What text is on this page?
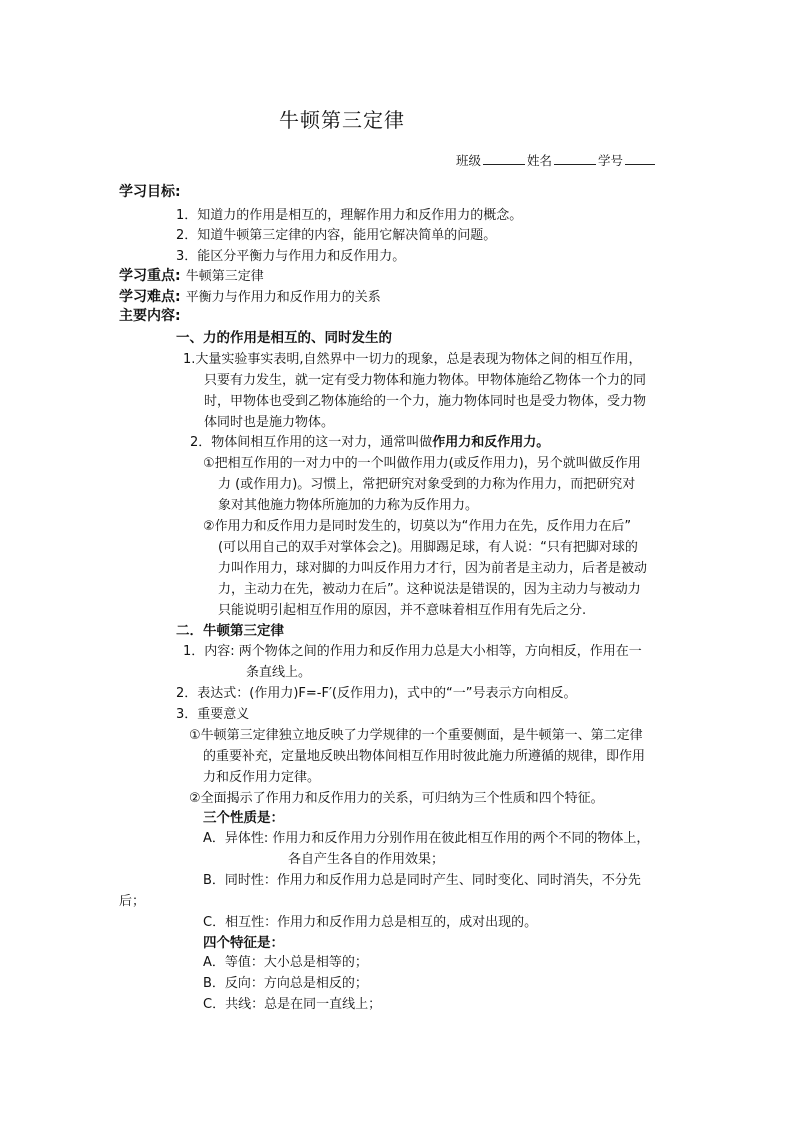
牛顿第三定律
班级	姓名	学号
学习目标:
1．知道力的作用是相互的，理解作用力和反作用力的概念。
2．知道牛顿第三定律的内容，能用它解决简单的问题。
3．能区分平衡力与作用力和反作用力。
学习重点: 牛顿第三定律
学习难点: 平衡力与作用力和反作用力的关系
主要内容:
一、力的作用是相互的、同时发生的
1.大量实验事实表明,自然界中一切力的现象，总是表现为物体之间的相互作用，
只要有力发生，就一定有受力物体和施力物体。甲物体施给乙物体一个力的同
时，甲物体也受到乙物体施给的一个力，施力物体同时也是受力物体，受力物
体同时也是施力物体。
2．物体间相互作用的这一对力，通常叫做作用力和反作用力。
①把相互作用的一对力中的一个叫做作用力(或反作用力)，另个就叫做反作用
力 (或作用力)。习惯上，常把研究对象受到的力称为作用力，而把研究对
象对其他施力物体所施加的力称为反作用力。
②作用力和反作用力是同时发生的，切莫以为“作用力在先，反作用力在后”
(可以用自己的双手对掌体会之)。用脚踢足球，有人说：“只有把脚对球的
力叫作用力，球对脚的力叫反作用力才行，因为前者是主动力，后者是被动
力，主动力在先，被动力在后”。这种说法是错误的，因为主动力与被动力
只能说明引起相互作用的原因，并不意味着相互作用有先后之分.
二．牛顿第三定律
1．内容: 两个物体之间的作用力和反作用力总是大小相等，方向相反，作用在一
条直线上。
2．表达式：(作用力)F=-F′(反作用力)，式中的“一”号表示方向相反。
3．重要意义
①牛顿第三定律独立地反映了力学规律的一个重要侧面，是牛顿第一、第二定律
的重要补充，定量地反映出物体间相互作用时彼此施力所遵循的规律，即作用
力和反作用力定律。
②全面揭示了作用力和反作用力的关系，可归纳为三个性质和四个特征。
三个性质是：
A．异体性: 作用力和反作用力分别作用在彼此相互作用的两个不同的物体上，
各自产生各自的作用效果；
B．同时性：作用力和反作用力总是同时产生、同时变化、同时消失，不分先
后；
C．相互性：作用力和反作用力总是相互的，成对出现的。
四个特征是：
A．等值：大小总是相等的；
B．反向：方向总是相反的；
C．共线：总是在同一直线上；
